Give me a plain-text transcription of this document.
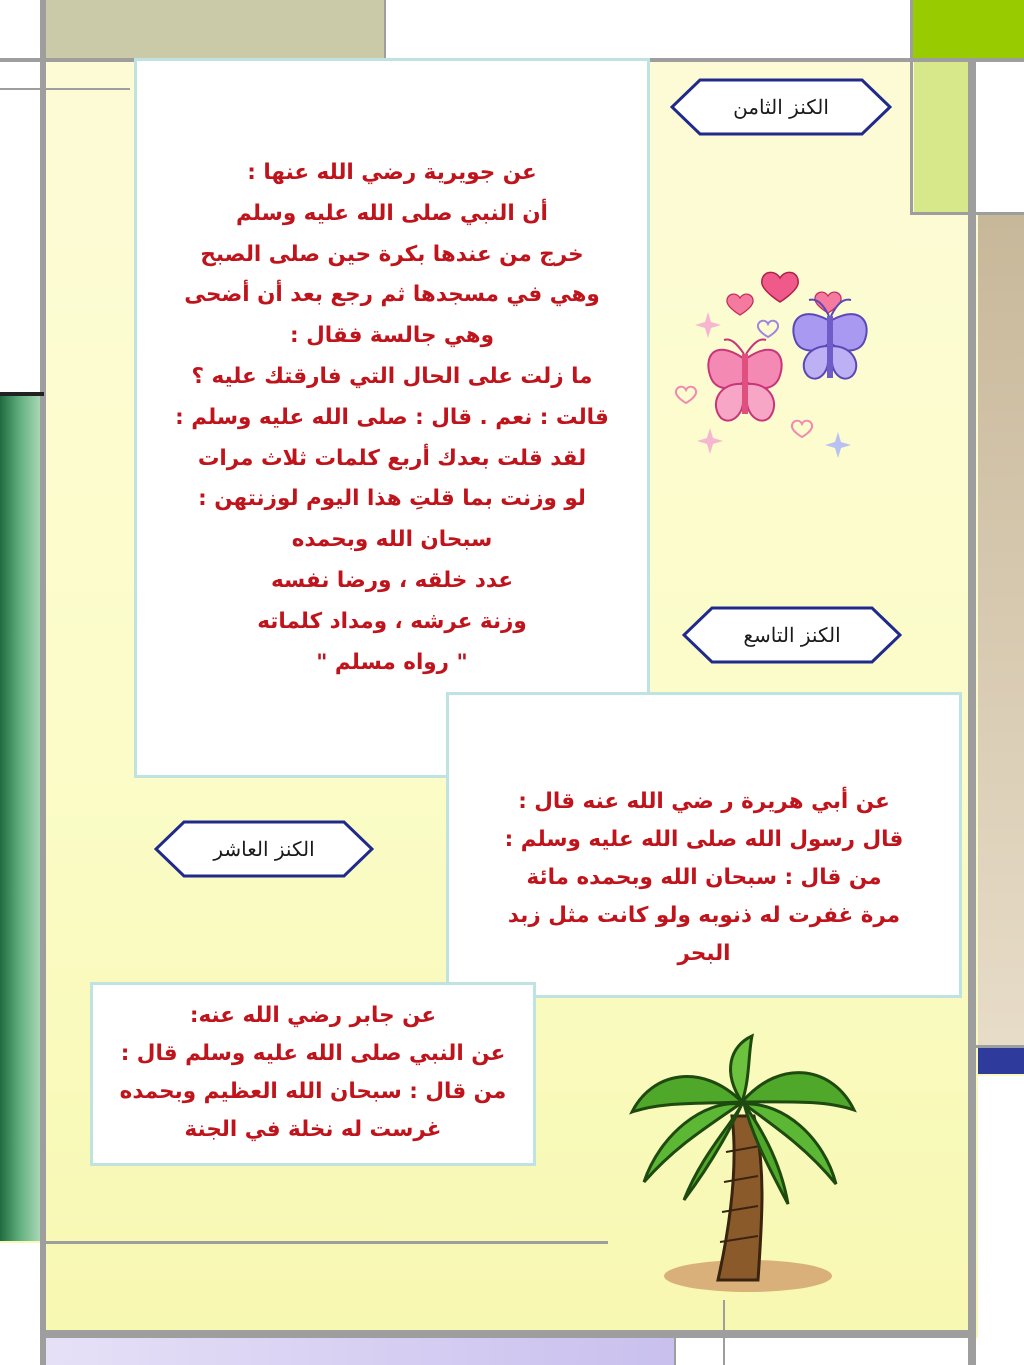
عن جويرية رضي الله عنها :
أن النبي صلى الله عليه وسلم
خرج من عندها بكرة حين صلى الصبح
وهي في مسجدها ثم رجع بعد أن أضحى
وهي جالسة فقال :
ما زلت على الحال التي فارقتك عليه ؟
قالت : نعم . قال : صلى الله عليه وسلم :
لقد قلت بعدك أربع كلمات ثلاث مرات
لو وزنت بما قلتِ هذا اليوم لوزنتهن :
سبحان الله وبحمده
عدد خلقه ، ورضا نفسه
وزنة عرشه ، ومداد كلماته
" رواه مسلم "
عن أبي هريرة ر ضي الله عنه قال :
قال رسول الله صلى الله عليه وسلم :
من قال : سبحان الله وبحمده مائة
مرة غفرت له ذنوبه ولو كانت مثل زبد
البحر
عن جابر رضي الله عنه:
عن النبي صلى الله عليه وسلم قال :
من قال : سبحان الله العظيم وبحمده
غرست له نخلة في الجنة
الكنز الثامن
الكنز التاسع
الكنز العاشر
